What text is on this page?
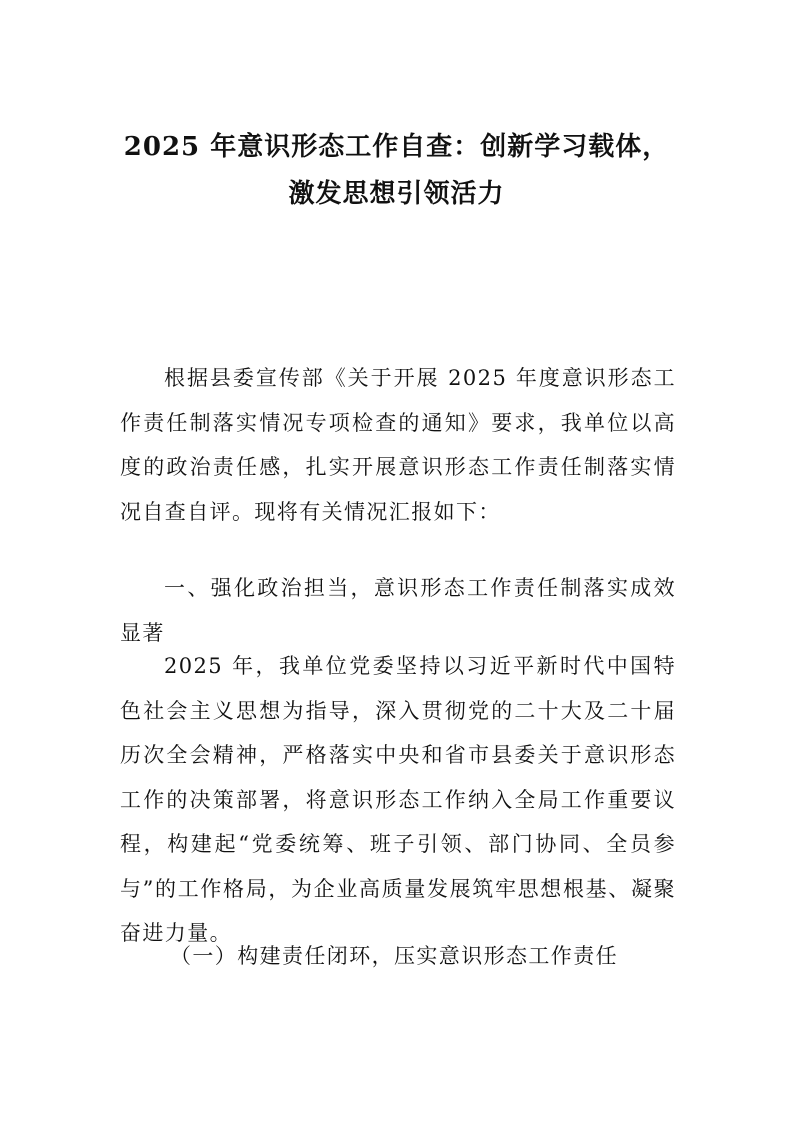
2025 年意识形态工作自查：创新学习载体，
激发思想引领活力
根据县委宣传部《关于开展 2025 年度意识形态工作责任制落实情况专项检查的通知》要求，我单位以高度的政治责任感，扎实开展意识形态工作责任制落实情况自查自评。现将有关情况汇报如下：
一、强化政治担当，意识形态工作责任制落实成效显著
2025 年，我单位党委坚持以习近平新时代中国特色社会主义思想为指导，深入贯彻党的二十大及二十届历次全会精神，严格落实中央和省市县委关于意识形态工作的决策部署，将意识形态工作纳入全局工作重要议程，构建起“党委统筹、班子引领、部门协同、全员参与”的工作格局，为企业高质量发展筑牢思想根基、凝聚奋进力量。
（一）构建责任闭环，压实意识形态工作责任
